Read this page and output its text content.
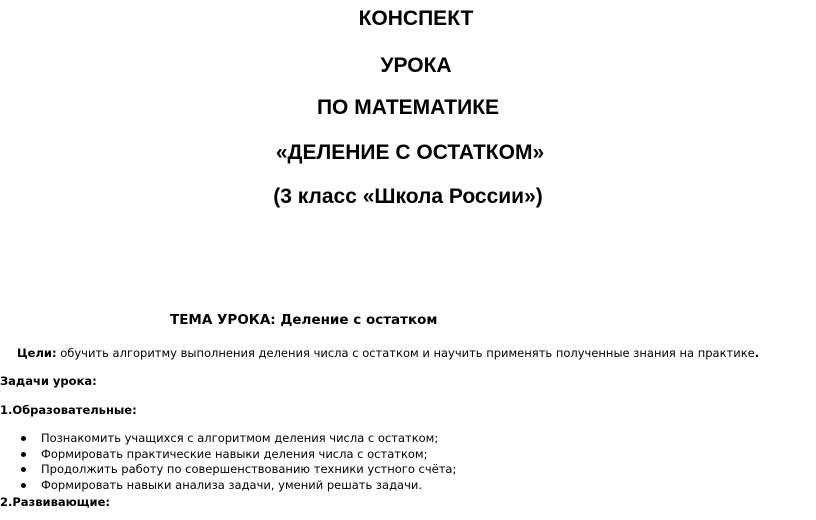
КОНСПЕКТ
УРОКА
ПО МАТЕМАТИКЕ
«ДЕЛЕНИЕ С ОСТАТКОМ»
(3 класс «Школа России»)
ТЕМА УРОКА: Деление с остатком
Цели: обучить алгоритму выполнения деления числа с остатком и научить применять полученные знания на практике.
Задачи урока:
1.Образовательные:
Познакомить учащихся с алгоритмом деления числа с остатком;
Формировать практические навыки деления числа с остатком;
Продолжить работу по совершенствованию техники устного счёта;
Формировать навыки анализа задачи, умений решать задачи.
2.Развивающие:
